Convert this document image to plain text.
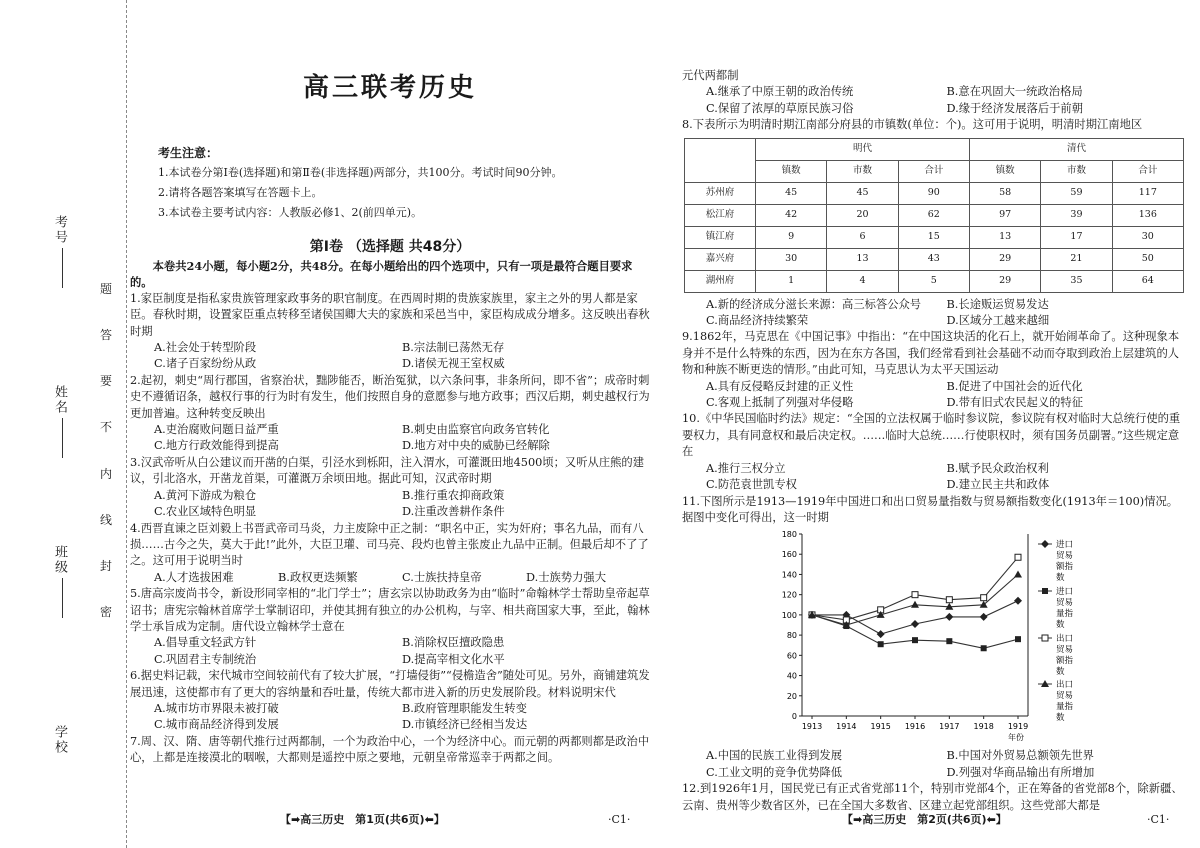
考号
姓名
班级
学校
题
答
要
不
内
线
封
密
高三联考历史
考生注意：
1.本试卷分第Ⅰ卷(选择题)和第Ⅱ卷(非选择题)两部分，共100分。考试时间90分钟。
2.请将各题答案填写在答题卡上。
3.本试卷主要考试内容：人教版必修1、2(前四单元)。
第Ⅰ卷 （选择题 共48分）

本卷共24小题，每小题2分，共48分。在每小题给出的四个选项中，只有一项是最符合题目要求的。

1.家臣制度是指私家贵族管理家政事务的职官制度。在西周时期的贵族家族里，家主之外的男人都是家臣。春秋时期，设置家臣重点转移至诸侯国卿大夫的家族和采邑当中，家臣构成成分增多。这反映出春秋时期

A.社会处于转型阶段	B.宗法制已荡然无存
C.诸子百家纷纷从政	D.诸侯无视王室权威

2.起初，刺史“周行郡国，省察治状，黜陟能否，断治冤狱，以六条问事，非条所问，即不省”；成帝时刺史不遵循诏条，越权行事的行为时有发生，他们按照自身的意愿参与地方政事；西汉后期，刺史越权行为更加普遍。这种转变反映出

A.吏治腐败问题日益严重	B.刺史由监察官向政务官转化
C.地方行政效能得到提高	D.地方对中央的威胁已经解除

3.汉武帝听从白公建议而开凿的白渠，引泾水到栎阳，注入渭水，可灌溉田地4500顷；又听从庄熊的建议，引北洛水，开凿龙首渠，可灌溉万余顷田地。据此可知，汉武帝时期

A.黄河下游成为粮仓	B.推行重农抑商政策
C.农业区域特色明显	D.注重改善耕作条件

4.西晋直谏之臣刘毅上书晋武帝司马炎，力主废除中正之制：“职名中正，实为奸府；事名九品，而有八损……古今之失，莫大于此!”此外，大臣卫瓘、司马亮、段灼也曾主张废止九品中正制。但最后却不了了之。这可用于说明当时

A.人才选拔困难	B.政权更迭频繁	C.士族扶持皇帝	D.士族势力强大

5.唐高宗废尚书令，新设形同宰相的“北门学士”；唐玄宗以协助政务为由“临时”命翰林学士帮助皇帝起草诏书；唐宪宗翰林首席学士掌制诏印，并使其拥有独立的办公机构，与宰、相共商国家大事，至此，翰林学士承旨成为定制。唐代设立翰林学士意在

A.倡导重文轻武方针	B.消除权臣擅政隐患
C.巩固君主专制统治	D.提高宰相文化水平

6.据史料记载，宋代城市空间较前代有了较大扩展，“打墙侵街”“侵檐造舍”随处可见。另外，商铺建筑发展迅速，这使都市有了更大的容纳量和吞吐量，传统大都市进入新的历史发展阶段。材料说明宋代

A.城市坊市界限未被打破	B.政府管理职能发生转变
C.城市商品经济得到发展	D.市镇经济已经相当发达

7.周、汉、隋、唐等朝代推行过两都制，一个为政治中心，一个为经济中心。而元朝的两都则都是政治中心，上都是连接漠北的咽喉，大都则是遥控中原之要地，元朝皇帝常巡幸于两都之间。

【➡高三历史　第1页(共6页)⬅】	·C1·

元代两都制

A.继承了中原王朝的政治传统	B.意在巩固大一统政治格局
C.保留了浓厚的草原民族习俗	D.缘于经济发展落后于前朝

8.下表所示为明清时期江南部分府县的市镇数(单位：个)。这可用于说明，明清时期江南地区

	明代			清代		
	镇数	市数	合计	镇数	市数	合计
苏州府	45	45	90	58	59	117
松江府	42	20	62	97	39	136
镇江府	9	6	15	13	17	30
嘉兴府	30	13	43	29	21	50
湖州府	1	4	5	29	35	64
A.新的经济成分滋长来源：高三标答公众号	B.长途贩运贸易发达
C.商品经济持续繁荣	D.区域分工越来越细

9.1862年，马克思在《中国记事》中指出：“在中国这块活的化石上，就开始闹革命了。这种现象本身并不是什么特殊的东西，因为在东方各国，我们经常看到社会基础不动而夺取到政治上层建筑的人物和种族不断更迭的情形。”由此可知，马克思认为太平天国运动

A.具有反侵略反封建的正义性	B.促进了中国社会的近代化
C.客观上抵制了列强对华侵略	D.带有旧式农民起义的特征

10.《中华民国临时约法》规定：“全国的立法权属于临时参议院，参议院有权对临时大总统行使的重要权力，具有同意权和最后决定权。……临时大总统……行使职权时，须有国务员副署。”这些规定意在

A.推行三权分立	B.赋予民众政治权利
C.防范袁世凯专权	D.建立民主共和政体

11.下图所示是1913—1919年中国进口和出口贸易量指数与贸易额指数变化(1913年＝100)情况。据图中变化可得出，这一时期

0
20
40
60
80
100
120
140
160
180
1913 1914 1915 1916 1917 1918 1919
年份
进口
贸易
额指
数
进口
贸易
量指
数
出口
贸易
额指
数
出口
贸易
量指
数
A.中国的民族工业得到发展	B.中国对外贸易总额领先世界
C.工业文明的竞争优势降低	D.列强对华商品输出有所增加

12.到1926年1月，国民党已有正式省党部11个，特别市党部4个，正在筹备的省党部8个，除新疆、云南、贵州等少数省区外，已在全国大多数省、区建立起党部组织。这些党部大都是

【➡高三历史　第2页(共6页)⬅】	·C1·
